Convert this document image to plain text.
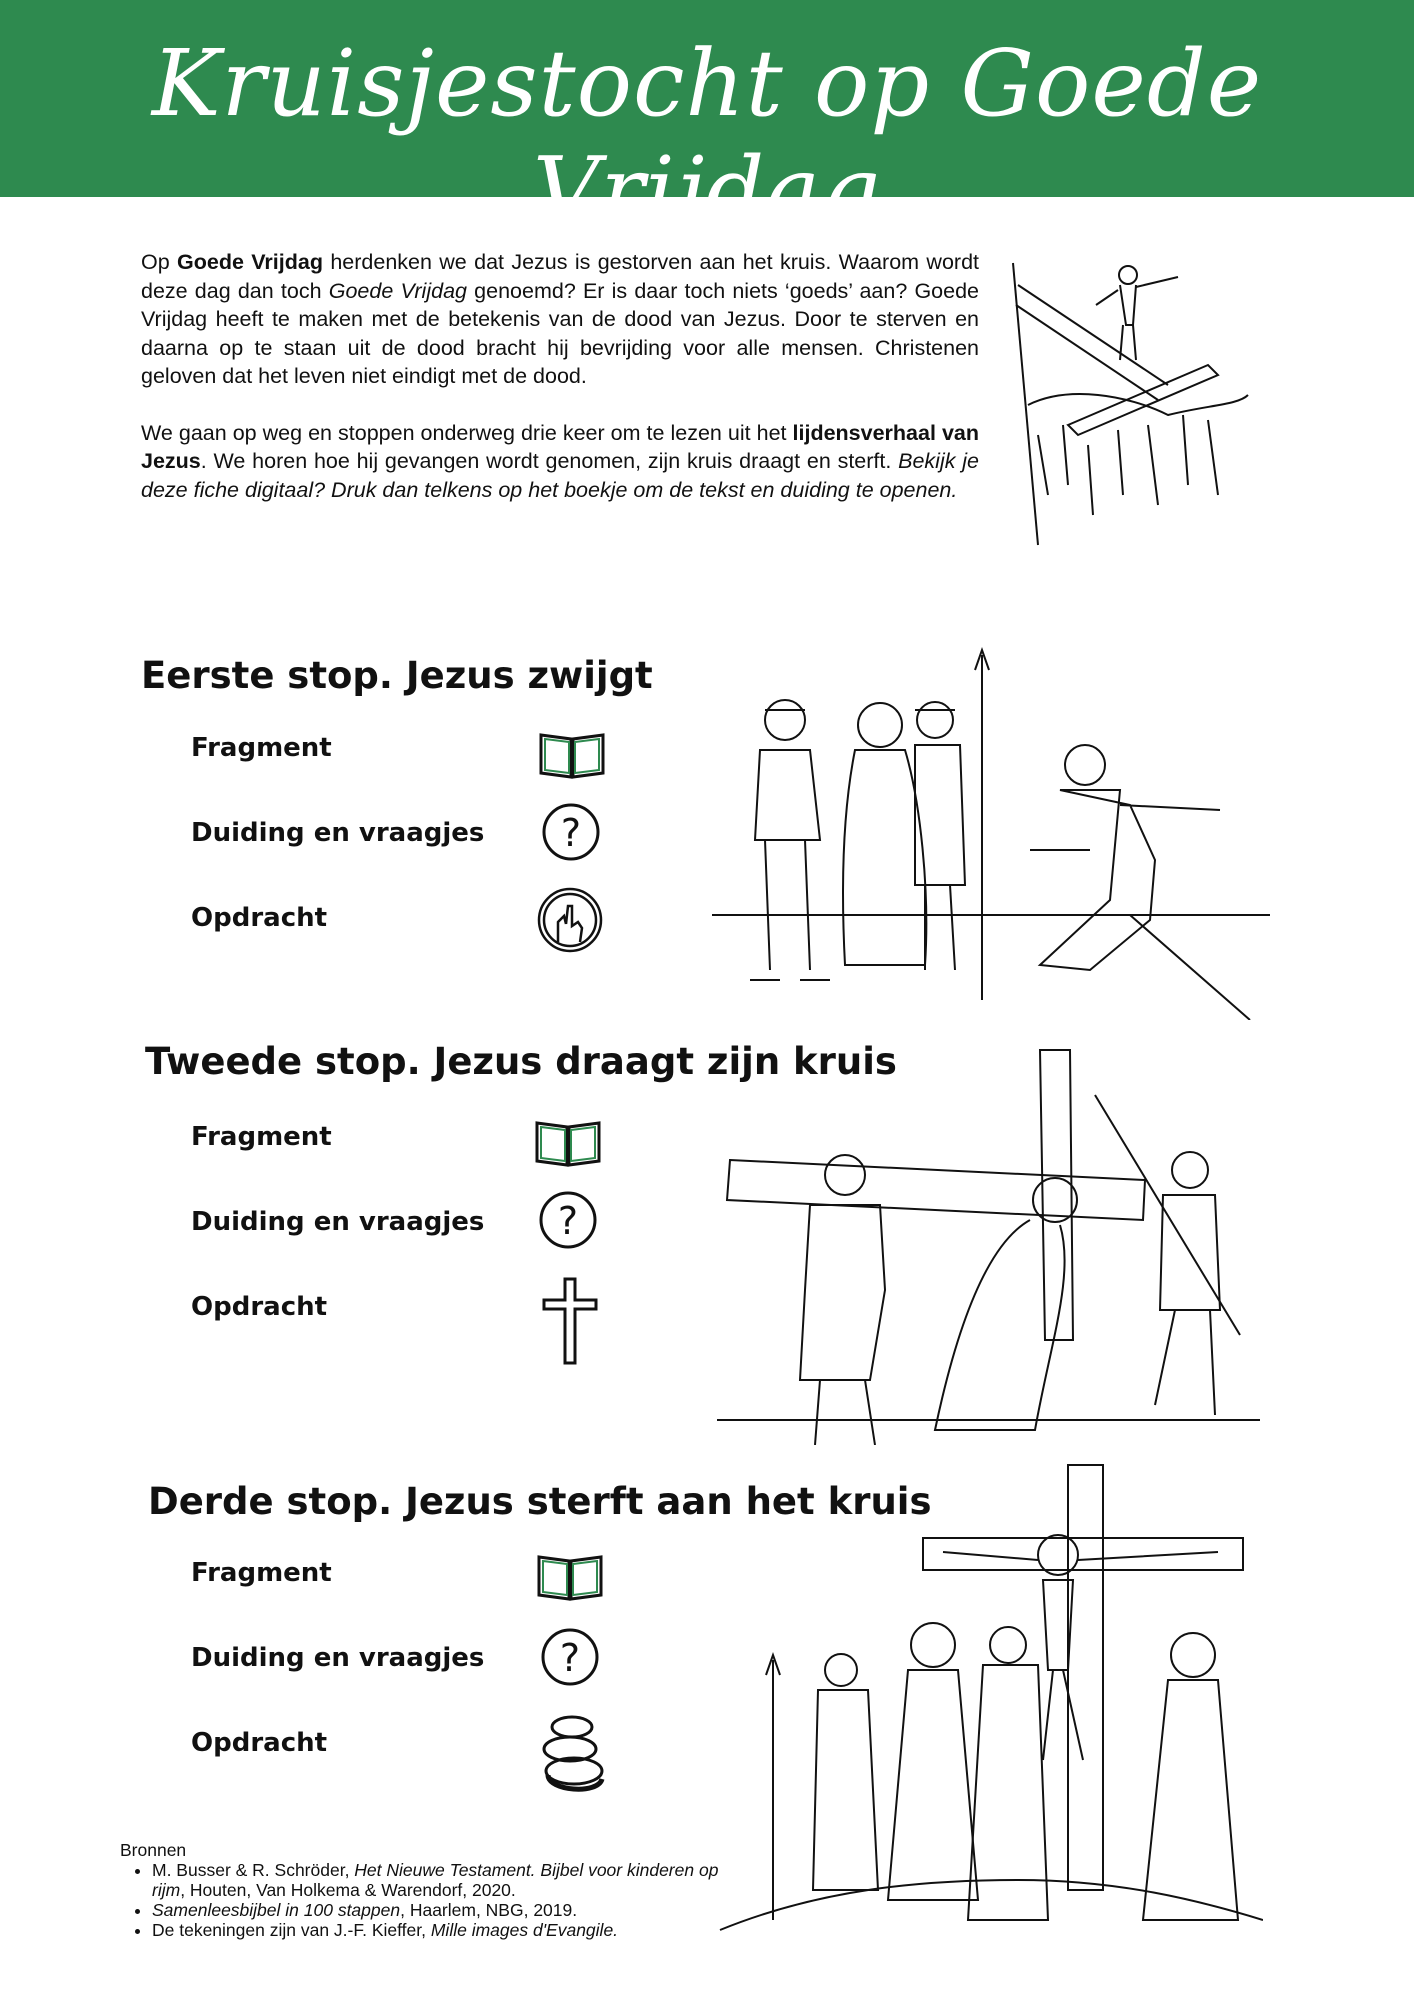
Kruisjestocht op Goede Vrijdag

Op Goede Vrijdag herdenken we dat Jezus is gestorven aan het kruis. Waarom wordt deze dag dan toch Goede Vrijdag genoemd? Er is daar toch niets ‘goeds’ aan? Goede Vrijdag heeft te maken met de betekenis van de dood van Jezus. Door te sterven en daarna op te staan uit de dood bracht hij bevrijding voor alle mensen. Christenen geloven dat het leven niet eindigt met de dood.

We gaan op weg en stoppen onderweg drie keer om te lezen uit het lijdensverhaal van Jezus. We horen hoe hij gevangen wordt genomen, zijn kruis draagt en sterft. Bekijk je deze fiche digitaal? Druk dan telkens op het boekje om de tekst en duiding te openen.

Eerste stop. Jezus zwijgt
Fragment
Duiding en vraagjes
Opdracht
?
Tweede stop. Jezus draagt zijn kruis
Fragment
Duiding en vraagjes
Opdracht
?
Derde stop. Jezus sterft aan het kruis
Fragment
Duiding en vraagjes
Opdracht
?
Bronnen
• M. Busser & R. Schröder, Het Nieuwe Testament. Bijbel voor kinderen op rijm, Houten, Van Holkema & Warendorf, 2020.
• Samenleesbijbel in 100 stappen, Haarlem, NBG, 2019.
• De tekeningen zijn van J.-F. Kieffer, Mille images d'Evangile.
